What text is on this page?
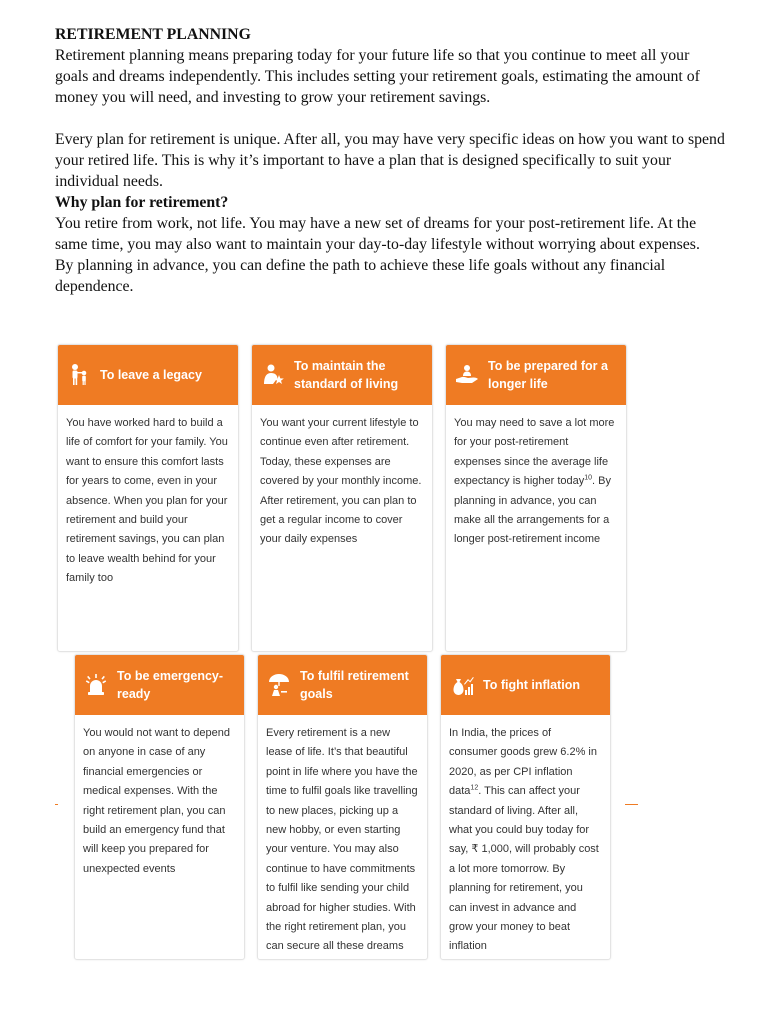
RETIREMENT PLANNING

Retirement planning means preparing today for your future life so that you continue to meet all your goals and dreams independently. This includes setting your retirement goals, estimating the amount of money you will need, and investing to grow your retirement savings.

Every plan for retirement is unique. After all, you may have very specific ideas on how you want to spend your retired life. This is why it’s important to have a plan that is designed specifically to suit your individual needs.

Why plan for retirement?

You retire from work, not life. You may have a new set of dreams for your post-retirement life. At the same time, you may also want to maintain your day-to-day lifestyle without worrying about expenses.

By planning in advance, you can define the path to achieve these life goals without any financial dependence.

To leave a legacy
You have worked hard to build a life of comfort for your family. You want to ensure this comfort lasts for years to come, even in your absence. When you plan for your retirement and build your retirement savings, you can plan to leave wealth behind for your family too
To maintain the standard of living
You want your current lifestyle to continue even after retirement. Today, these expenses are covered by your monthly income. After retirement, you can plan to get a regular income to cover your daily expenses
To be prepared for a longer life
You may need to save a lot more for your post-retirement expenses since the average life expectancy is higher today$^{10}$. By planning in advance, you can make all the arrangements for a longer post-retirement income
To be emergency-ready
You would not want to depend on anyone in case of any financial emergencies or medical expenses. With the right retirement plan, you can build an emergency fund that will keep you prepared for unexpected events
To fulfil retirement goals
Every retirement is a new lease of life. It’s that beautiful point in life where you have the time to fulfil goals like travelling to new places, picking up a new hobby, or even starting your venture. You may also continue to have commitments to fulfil like sending your child abroad for higher studies. With the right retirement plan, you can secure all these dreams
To fight inflation
In India, the prices of consumer goods grew 6.2% in 2020, as per CPI inflation data$^{12}$. This can affect your standard of living. After all, what you could buy today for say, ₹ 1,000, will probably cost a lot more tomorrow. By planning for retirement, you can invest in advance and grow your money to beat inflation
